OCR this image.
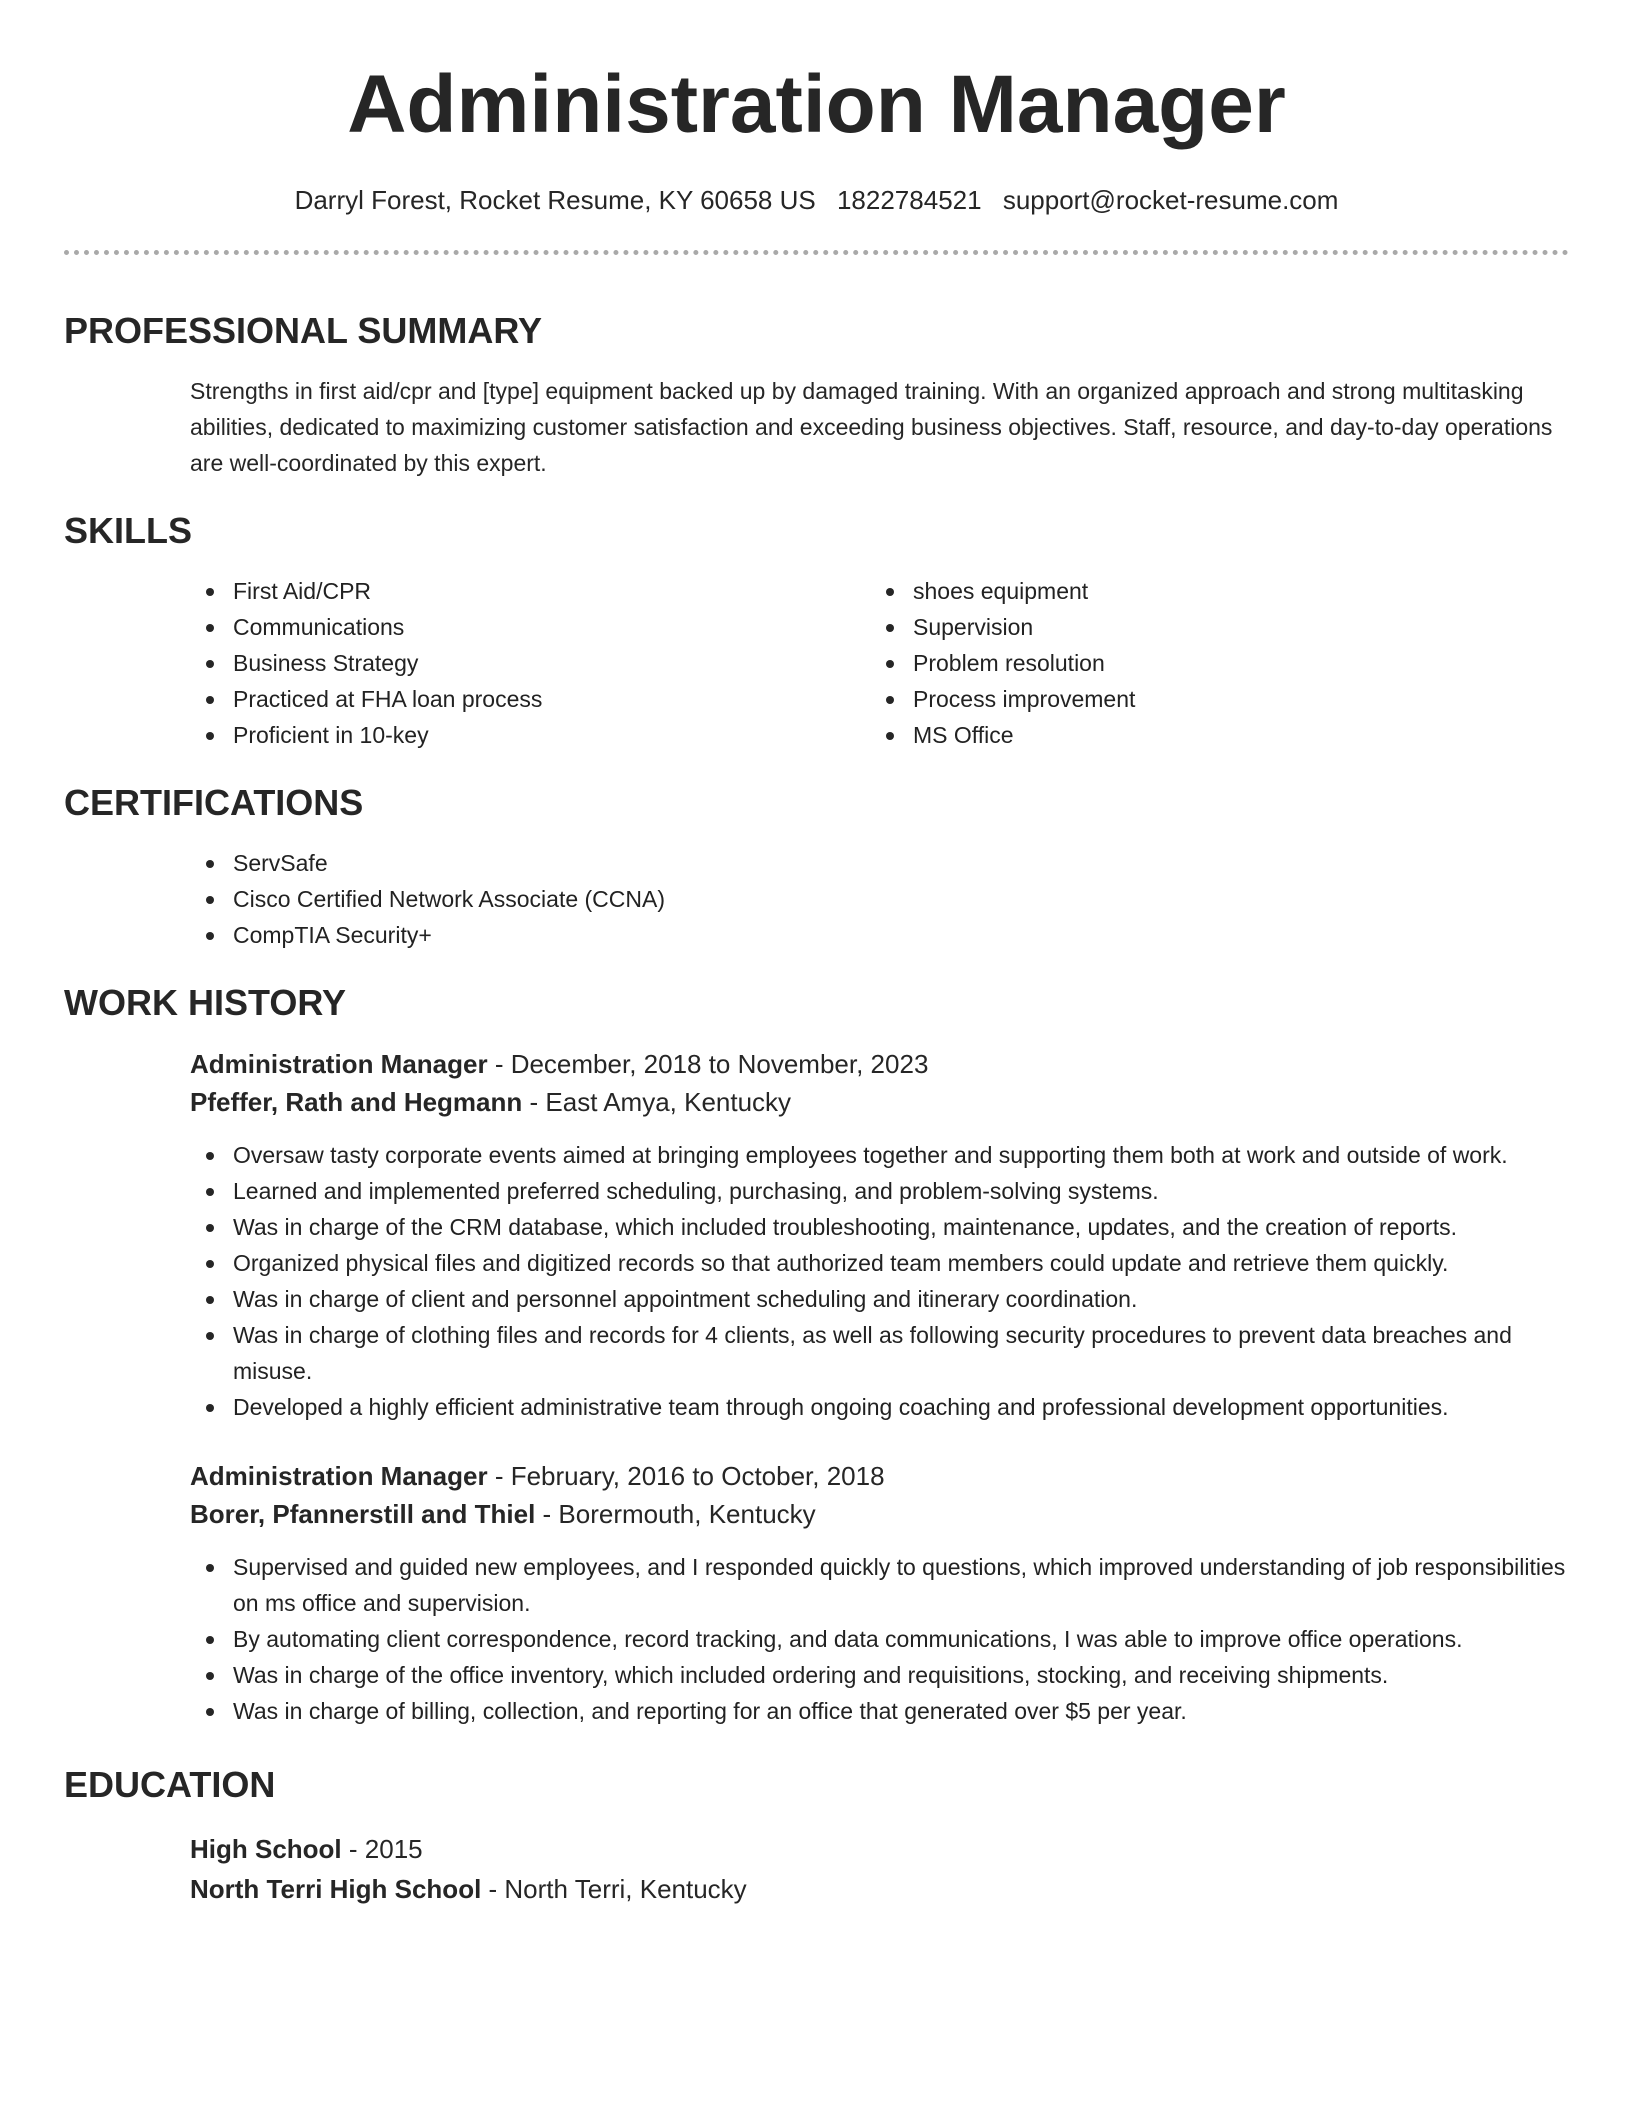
Administration Manager
Darryl Forest, Rocket Resume, KY 60658 US 1822784521 support@rocket-resume.com
PROFESSIONAL SUMMARY
Strengths in first aid/cpr and [type] equipment backed up by damaged training. With an organized approach and strong multitasking abilities, dedicated to maximizing customer satisfaction and exceeding business objectives. Staff, resource, and day-to-day operations are well-coordinated by this expert.
SKILLS
First Aid/CPR
Communications
Business Strategy
Practiced at FHA loan process
Proficient in 10-key
shoes equipment
Supervision
Problem resolution
Process improvement
MS Office
CERTIFICATIONS
ServSafe
Cisco Certified Network Associate (CCNA)
CompTIA Security+
WORK HISTORY
Administration Manager - December, 2018 to November, 2023
Pfeffer, Rath and Hegmann - East Amya, Kentucky
Oversaw tasty corporate events aimed at bringing employees together and supporting them both at work and outside of work.
Learned and implemented preferred scheduling, purchasing, and problem-solving systems.
Was in charge of the CRM database, which included troubleshooting, maintenance, updates, and the creation of reports.
Organized physical files and digitized records so that authorized team members could update and retrieve them quickly.
Was in charge of client and personnel appointment scheduling and itinerary coordination.
Was in charge of clothing files and records for 4 clients, as well as following security procedures to prevent data breaches and misuse.
Developed a highly efficient administrative team through ongoing coaching and professional development opportunities.
Administration Manager - February, 2016 to October, 2018
Borer, Pfannerstill and Thiel - Borermouth, Kentucky
Supervised and guided new employees, and I responded quickly to questions, which improved understanding of job responsibilities on ms office and supervision.
By automating client correspondence, record tracking, and data communications, I was able to improve office operations.
Was in charge of the office inventory, which included ordering and requisitions, stocking, and receiving shipments.
Was in charge of billing, collection, and reporting for an office that generated over $5 per year.
EDUCATION
High School - 2015
North Terri High School - North Terri, Kentucky
